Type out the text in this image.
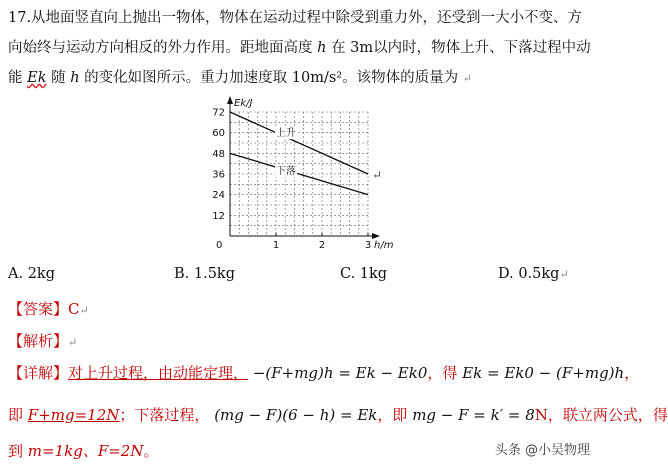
17.从地面竖直向上抛出一物体，物体在运动过程中除受到重力外，还受到一大小不变、方
向始终与运动方向相反的外力作用。距地面高度 h 在 3m以内时，物体上升、下落过程中动
能 Ek 随 h 的变化如图所示。重力加速度取 10m/s²。该物体的质量为 ↵
Ek/J
h/m
0
12
24
36
48
60
72
1	2	3
上升
下落	↵
A. 2kg	B. 1.5kg	C. 1kg	D. 0.5kg↵
【答案】C↵
【解析】↵
【详解】对上升过程，由动能定理， −(F+mg)h = Ek − Ek0，得 Ek = Ek0 − (F+mg)h，
即 F+mg=12N；下落过程， (mg − F)(6 − h) = Ek，即 mg − F = k′ = 8N，联立两公式，得
到 m=1kg、F=2N。	头条 @小吴物理
